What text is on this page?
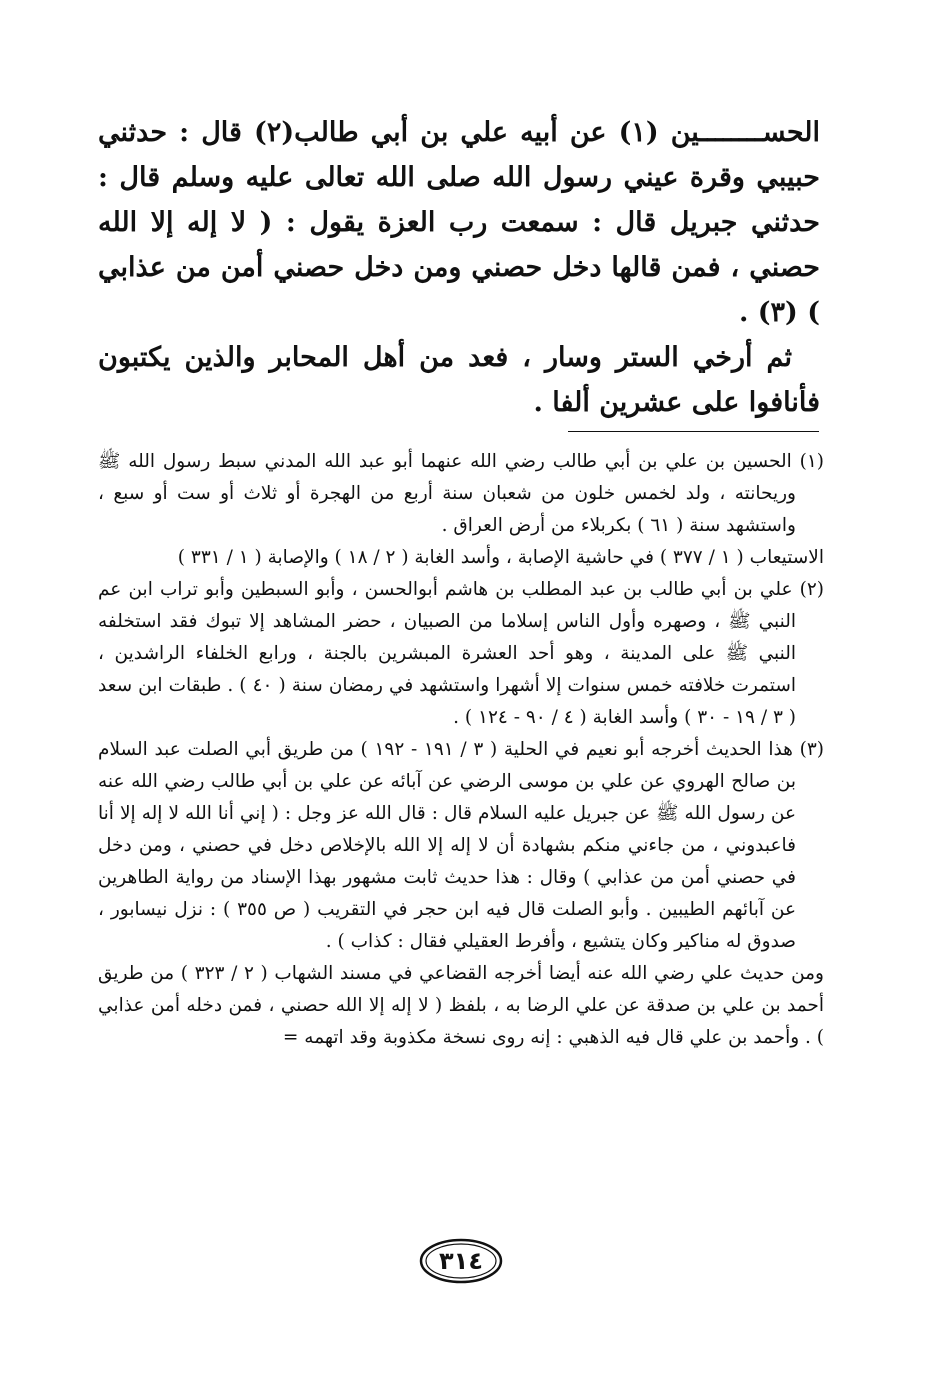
الحســــــــين (١) عن أبيه علي بن أبي طالب(٢) قال : حدثني حبيبي وقرة عيني رسول الله صلى الله تعالى عليه وسلم قال : حدثني جبريل قال : سمعت رب العزة يقول : ( لا إله إلا الله حصني ، فمن قالها دخل حصني ومن دخل حصني أمن من عذابي ) (٣) .

ثم أرخي الستر وسار ، فعد من أهل المحابر والذين يكتبون فأنافوا على عشرين ألفا .

(١) الحسين بن علي بن أبي طالب رضي الله عنهما أبو عبد الله المدني سبط رسول الله ﷺ وريحانته ، ولد لخمس خلون من شعبان سنة أربع من الهجرة أو ثلاث أو ست أو سبع ، واستشهد سنة ( ٦١ ) بكربلاء من أرض العراق .

الاستيعاب ( ١ / ٣٧٧ ) في حاشية الإصابة ، وأسد الغابة ( ٢ / ١٨ ) والإصابة ( ١ / ٣٣١ )

(٢) علي بن أبي طالب بن عبد المطلب بن هاشم أبوالحسن ، وأبو السبطين وأبو تراب ابن عم النبي ﷺ ، وصهره وأول الناس إسلاما من الصبيان ، حضر المشاهد إلا تبوك فقد استخلفه النبي ﷺ على المدينة ، وهو أحد العشرة المبشرين بالجنة ، ورابع الخلفاء الراشدين ، استمرت خلافته خمس سنوات إلا أشهرا واستشهد في رمضان سنة ( ٤٠ ) . طبقات ابن سعد ( ٣ / ١٩ - ٣٠ ) وأسد الغابة ( ٤ / ٩٠ - ١٢٤ ) .

(٣) هذا الحديث أخرجه أبو نعيم في الحلية ( ٣ / ١٩١ - ١٩٢ ) من طريق أبي الصلت عبد السلام بن صالح الهروي عن علي بن موسى الرضي عن آبائه عن علي بن أبي طالب رضي الله عنه عن رسول الله ﷺ عن جبريل عليه السلام قال : قال الله عز وجل : ( إني أنا الله لا إله إلا أنا فاعبدوني ، من جاءني منكم بشهادة أن لا إله إلا الله بالإخلاص دخل في حصني ، ومن دخل في حصني أمن من عذابي ) وقال : هذا حديث ثابت مشهور بهذا الإسناد من رواية الطاهرين عن آبائهم الطيبين . وأبو الصلت قال فيه ابن حجر في التقريب ( ص ٣٥٥ ) : نزل نيسابور ، صدوق له مناكير وكان يتشيع ، وأفرط العقيلي فقال : كذاب ) .

ومن حديث علي رضي الله عنه أيضا أخرجه القضاعي في مسند الشهاب ( ٢ / ٣٢٣ ) من طريق أحمد بن علي بن صدقة عن علي الرضا به ، بلفظ ( لا إله إلا الله حصني ، فمن دخله أمن عذابي ) . وأحمد بن علي قال فيه الذهبي : إنه روى نسخة مكذوبة وقد اتهمه =

٣١٤
